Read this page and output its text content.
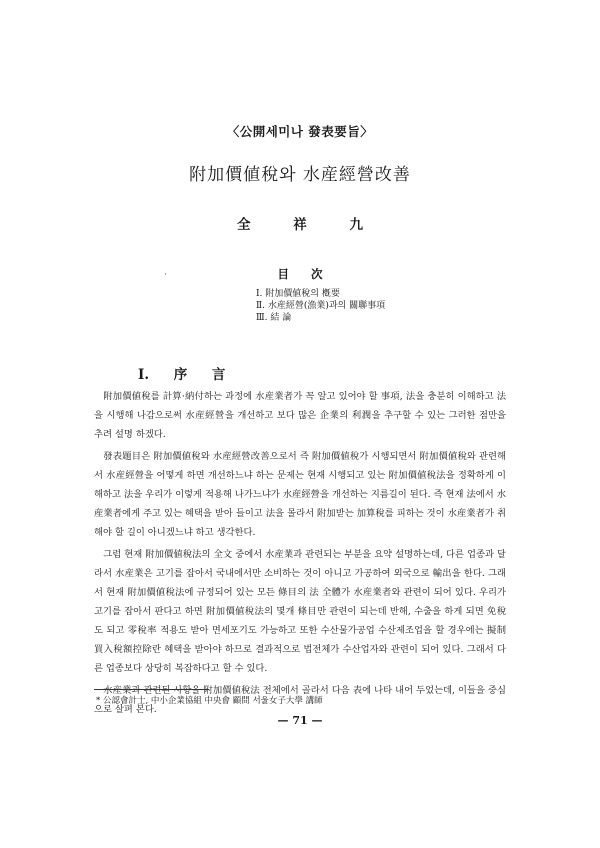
〈公開세미나 發表要旨〉
附加價値稅와 水産經營改善
全 祥 九
·	目 次
Ⅰ. 附加價値稅의 槪要
Ⅱ. 水産經營(漁業)과의 關聯事項
Ⅲ. 結 論
Ⅰ. 序 言

附加價値稅를 計算·納付하는 과정에 水産業者가 꼭 알고 있어야 할 事項, 法을 충분히 이해하고 法을 시행해 나감으로써 水産經營을 개선하고 보다 많은 企業의 利潤을 추구할 수 있는 그러한 점만을 추려 설명 하겠다.

發表題目은 附加價値稅와 水産經營改善으로서 즉 附加價値稅가 시행되면서 附加價値稅와 관련해서 水産經營을 어떻게 하면 개선하느냐 하는 문제는 현재 시행되고 있는 附加價値稅法을 정확하게 이해하고 法을 우리가 이렇게 적용해 나가느냐가 水産經營을 개선하는 지름길이 된다. 즉 현재 法에서 水産業者에게 주고 있는 혜택을 받아 들이고 法을 몰라서 附加받는 加算稅를 피하는 것이 水産業者가 취해야 할 길이 아니겠느냐 하고 생각한다.

그럼 현재 附加價値稅法의 全文 중에서 水産業과 관련되는 부분을 요약 설명하는데, 다른 업종과 달라서 水産業은 고기를 잡아서 국내에서만 소비하는 것이 아니고 가공하여 외국으로 輸出을 한다. 그래서 현재 附加價値稅法에 규정되어 있는 모든 條目의 法 全體가 水産業者와 관련이 되어 있다. 우리가 고기를 잡아서 판다고 하면 附加價値稅法의 몇개 條目만 관련이 되는데 반해, 수출을 하게 되면 免稅도 되고 零稅率 적용도 받아 면세포기도 가능하고 또한 수산물가공업 수산제조업을 할 경우에는 擬制買入稅額控除란 혜택을 받아야 하므로 결과적으로 법전체가 수산업자와 관련이 되어 있다. 그래서 다른 업종보다 상당히 복잡하다고 할 수 있다.

水産業과 관련된 사항을 附加價値稅法 전체에서 골라서 다음 表에 나타 내어 두었는데, 이들을 중심으로 살펴 본다.

* 公認會計士, 中小企業協組 中央會 顧問 서울女子大學 講師
— 71 —
